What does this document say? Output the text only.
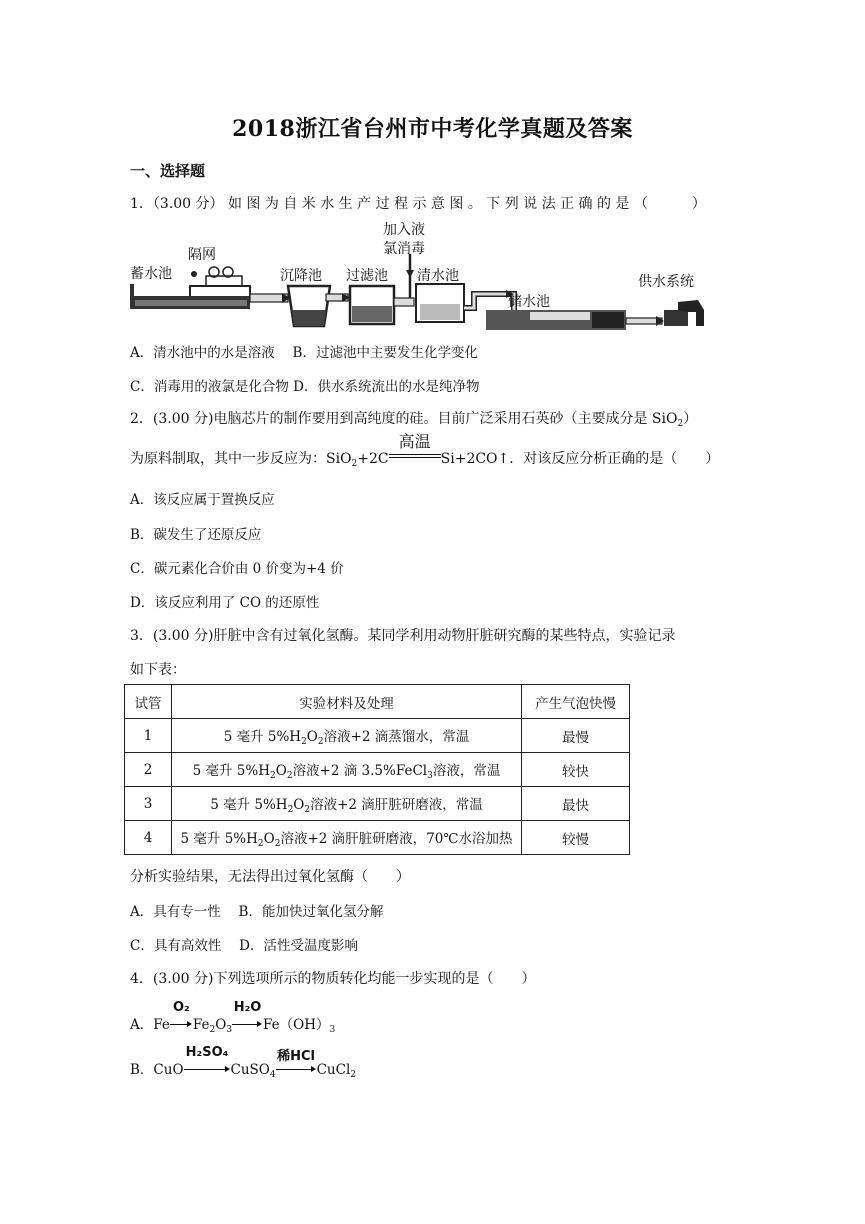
2018浙江省台州市中考化学真题及答案
一、选择题
1．（3.00 分） 如 图 为 自 米 水 生 产 过 程 示 意 图 。 下 列 说 法 正 确 的 是 （	）
蓄水池
隔网
沉降池 过滤池
加入液
氯消毒
清水池
储水池
供水系统
A．清水池中的水是溶液　 B．过滤池中主要发生化学变化
C．消毒用的液氯是化合物 D．供水系统流出的水是纯净物
2．(3.00 分)电脑芯片的制作要用到高纯度的硅。目前广泛采用石英砂（主要成分是 SiO$_2$）
为原料制取，其中一步反应为：SiO$_2$+2C
高温
Si+2CO↑．对该反应分析正确的是（　　）
A．该反应属于置换反应
B．碳发生了还原反应
C．碳元素化合价由 0 价变为+4 价
D．该反应利用了 CO 的还原性
3．(3.00 分)肝脏中含有过氧化氢酶。某同学利用动物肝脏研究酶的某些特点，实验记录
如下表：
试管	实验材料及处理	产生气泡快慢
1	5 毫升 $5\%H_2O_2$溶液+2 滴蒸馏水，常温	最慢
2	5 毫升 $5\%H_2O_2$溶液+2 滴 3.5%FeCl$_3$溶液，常温	较快
3	5 毫升 $5\%H_2O_2$溶液+2 滴肝脏研磨液，常温	最快
4	5 毫升 $5\%H_2O_2$溶液+2 滴肝脏研磨液，70℃水浴加热	较慢
分析实验结果，无法得出过氧化氢酶（　　）
A．具有专一性　 B．能加快过氧化氢分解
C．具有高效性　 D．活性受温度影响
4．(3.00 分)下列选项所示的物质转化均能一步实现的是（　　）
A．Fe
O₂
$Fe_2O_3$
H₂O
$Fe(OH)_3$
B．CuO
H₂SO₄
CuSO$_4$
稀HCl
CuCl$_2$
